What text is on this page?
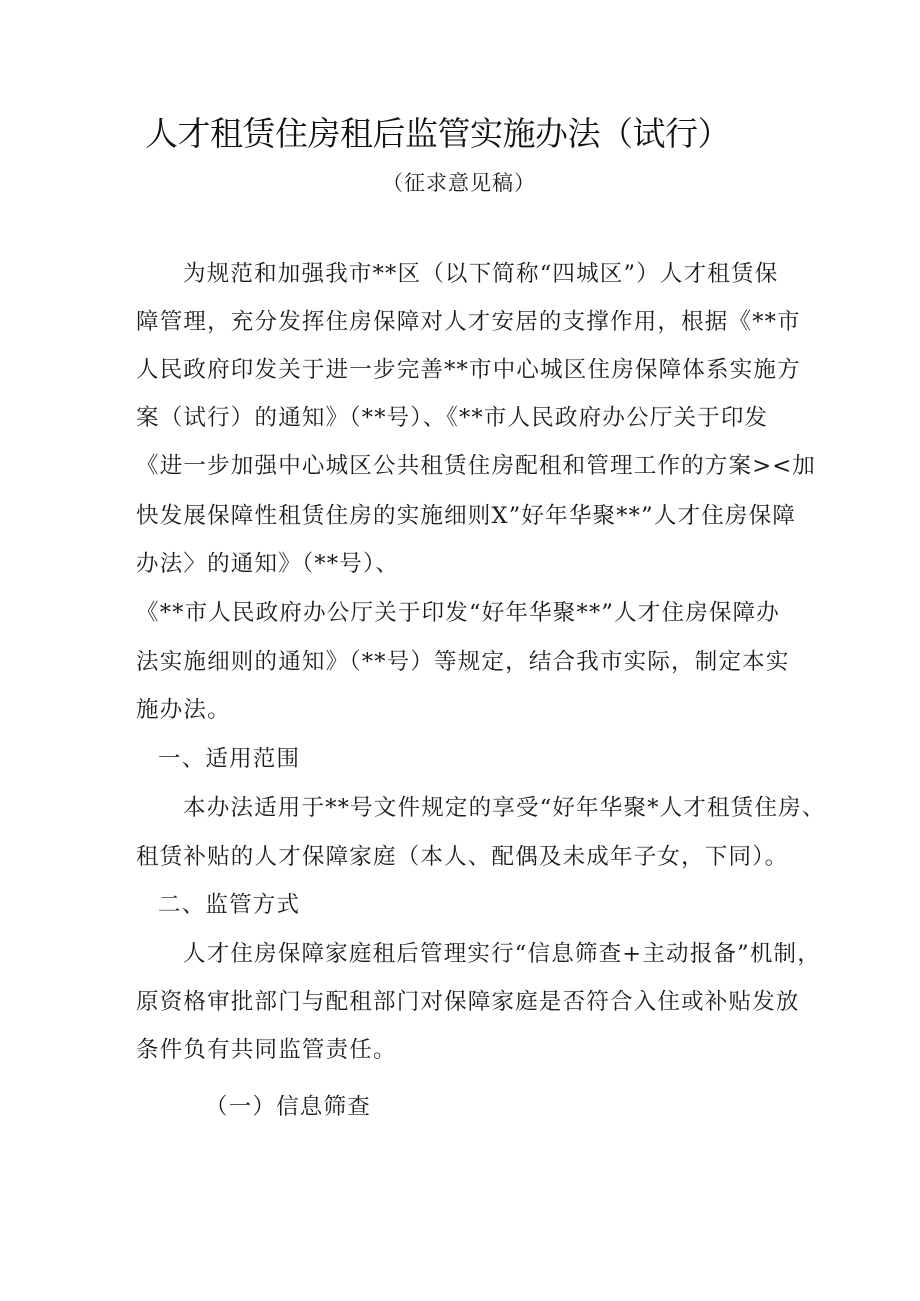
人才租赁住房租后监管实施办法（试行）
（征求意见稿）
为规范和加强我市**区（以下简称“四城区”）人才租赁保
障管理，充分发挥住房保障对人才安居的支撑作用，根据《**市
人民政府印发关于进一步完善**市中心城区住房保障体系实施方
案（试行）的通知》（**号）、《**市人民政府办公厅关于印发
《进一步加强中心城区公共租赁住房配租和管理工作的方案><加
快发展保障性租赁住房的实施细则X”好年华聚**”人才住房保障
办法〉的通知》（**号）、
《**市人民政府办公厅关于印发“好年华聚**”人才住房保障办
法实施细则的通知》（**号）等规定，结合我市实际，制定本实
施办法。
一、适用范围
本办法适用于**号文件规定的享受“好年华聚*人才租赁住房、
租赁补贴的人才保障家庭（本人、配偶及未成年子女，下同）。
二、监管方式
人才住房保障家庭租后管理实行“信息筛查+主动报备”机制，
原资格审批部门与配租部门对保障家庭是否符合入住或补贴发放
条件负有共同监管责任。
（一）信息筛查
